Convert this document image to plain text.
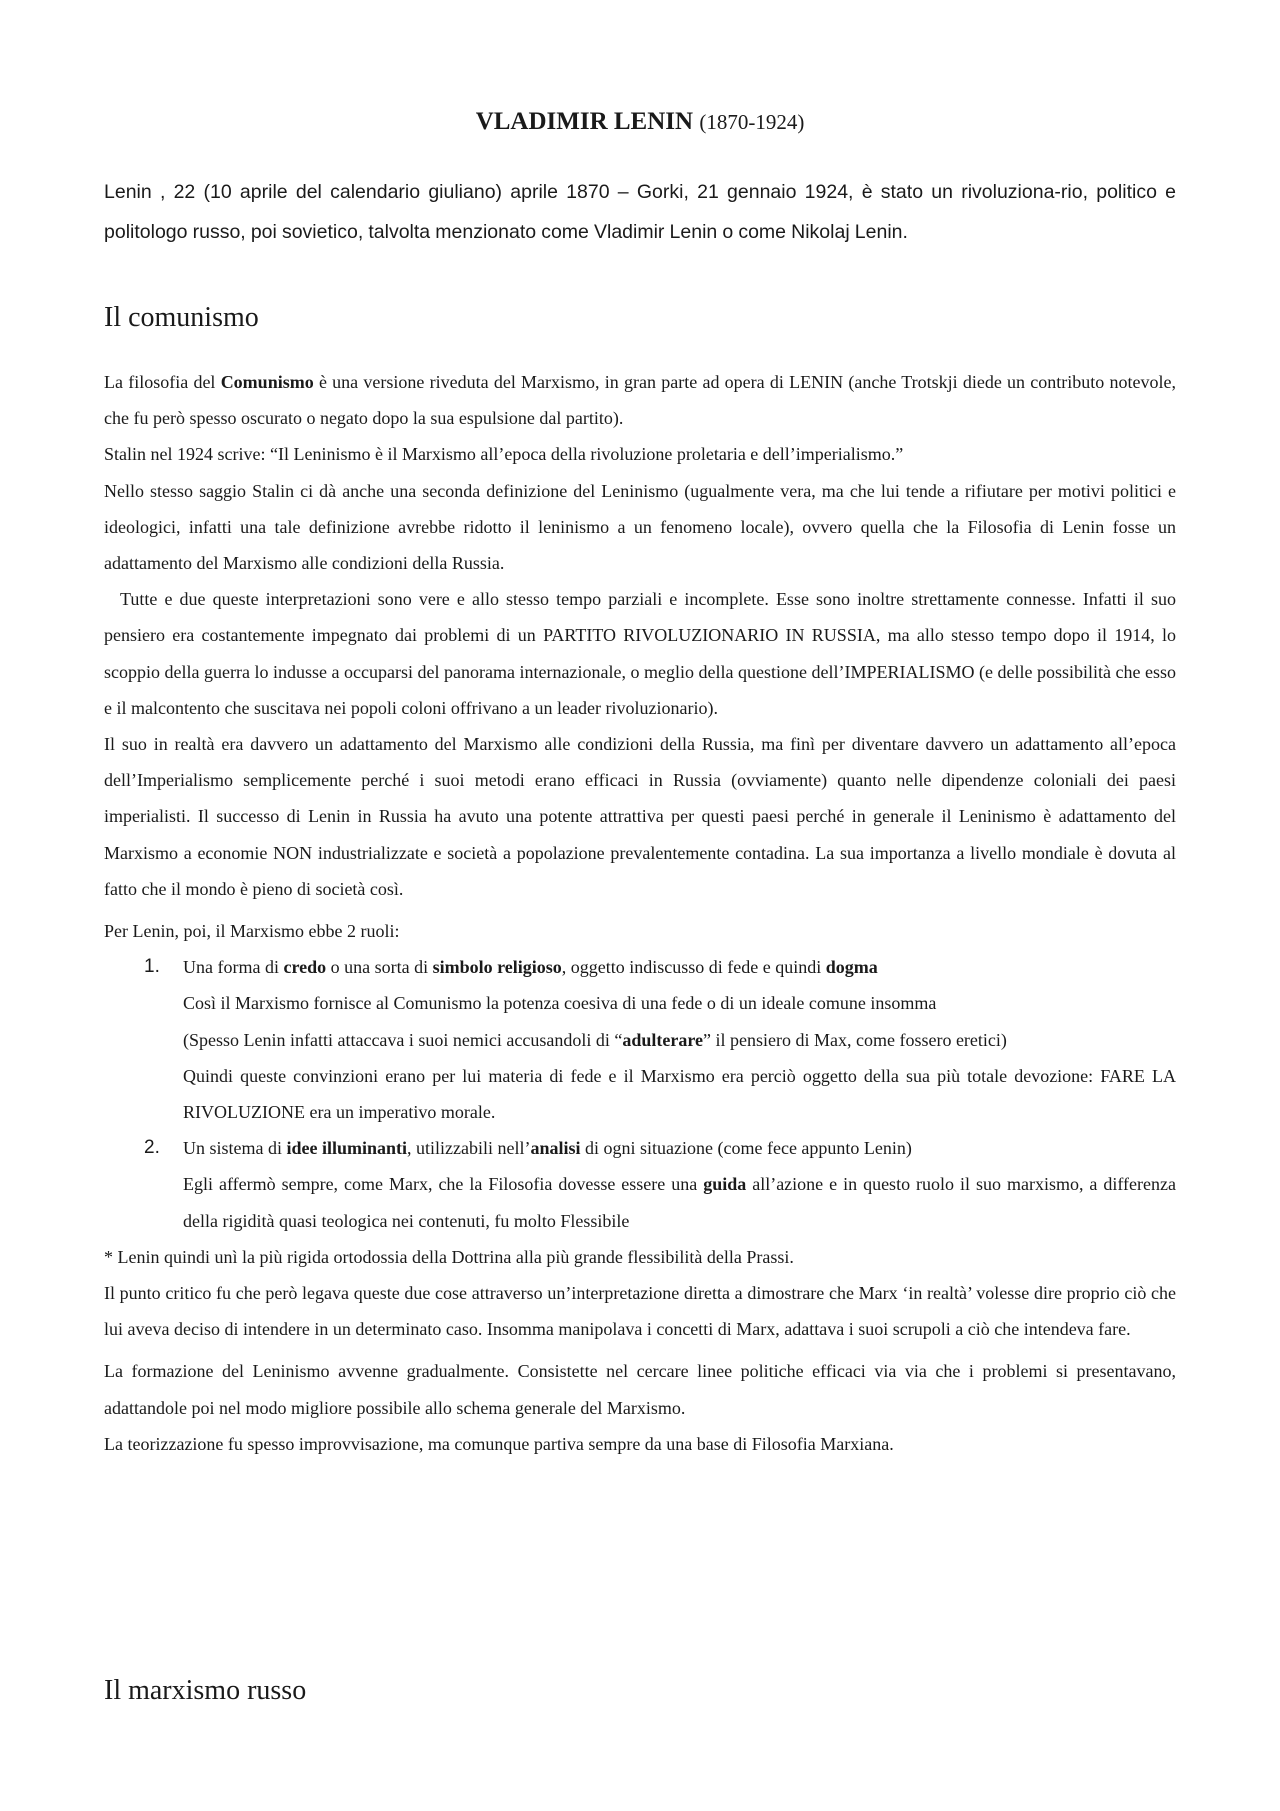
VLADIMIR LENIN (1870-1924)

Lenin , 22 (10 aprile del calendario giuliano) aprile 1870 – Gorki, 21 gennaio 1924, è stato un rivoluziona-rio, politico e politologo russo, poi sovietico, talvolta menzionato come Vladimir Lenin o come Nikolaj Lenin.

Il comunismo

La filosofia del Comunismo è una versione riveduta del Marxismo, in gran parte ad opera di LENIN (anche Trotskji diede un contributo notevole, che fu però spesso oscurato o negato dopo la sua espulsione dal partito).

Stalin nel 1924 scrive: “Il Leninismo è il Marxismo all’epoca della rivoluzione proletaria e dell’imperialismo.”

Nello stesso saggio Stalin ci dà anche una seconda definizione del Leninismo (ugualmente vera, ma che lui tende a rifiutare per motivi politici e ideologici, infatti una tale definizione avrebbe ridotto il leninismo a un fenomeno locale), ovvero quella che la Filosofia di Lenin fosse un adattamento del Marxismo alle condizioni della Russia.

Tutte e due queste interpretazioni sono vere e allo stesso tempo parziali e incomplete. Esse sono inoltre strettamente connesse. Infatti il suo pensiero era costantemente impegnato dai problemi di un PARTITO RIVOLUZIONARIO IN RUSSIA, ma allo stesso tempo dopo il 1914, lo scoppio della guerra lo indusse a occuparsi del panorama internazionale, o meglio della questione dell’IMPERIALISMO (e delle possibilità che esso e il malcontento che suscitava nei popoli coloni offrivano a un leader rivoluzionario).

Il suo in realtà era davvero un adattamento del Marxismo alle condizioni della Russia, ma finì per diventare davvero un adattamento all’epoca dell’Imperialismo semplicemente perché i suoi metodi erano efficaci in Russia (ovviamente) quanto nelle dipendenze coloniali dei paesi imperialisti. Il successo di Lenin in Russia ha avuto una potente attrattiva per questi paesi perché in generale il Leninismo è adattamento del Marxismo a economie NON industrializzate e società a popolazione prevalentemente contadina. La sua importanza a livello mondiale è dovuta al fatto che il mondo è pieno di società così.

Per Lenin, poi, il Marxismo ebbe 2 ruoli:

1. Una forma di credo o una sorta di simbolo religioso, oggetto indiscusso di fede e quindi dogma
Così il Marxismo fornisce al Comunismo la potenza coesiva di una fede o di un ideale comune insomma
(Spesso Lenin infatti attaccava i suoi nemici accusandoli di “adulterare” il pensiero di Max, come fossero eretici)
Quindi queste convinzioni erano per lui materia di fede e il Marxismo era perciò oggetto della sua più totale devozione: FARE LA RIVOLUZIONE era un imperativo morale.
2. Un sistema di idee illuminanti, utilizzabili nell’analisi di ogni situazione (come fece appunto Lenin)
Egli affermò sempre, come Marx, che la Filosofia dovesse essere una guida all’azione e in questo ruolo il suo marxismo, a differenza della rigidità quasi teologica nei contenuti, fu molto Flessibile

* Lenin quindi unì la più rigida ortodossia della Dottrina alla più grande flessibilità della Prassi.

Il punto critico fu che però legava queste due cose attraverso un’interpretazione diretta a dimostrare che Marx ‘in realtà’ volesse dire proprio ciò che lui aveva deciso di intendere in un determinato caso. Insomma manipolava i concetti di Marx, adattava i suoi scrupoli a ciò che intendeva fare.

La formazione del Leninismo avvenne gradualmente. Consistette nel cercare linee politiche efficaci via via che i problemi si presentavano, adattandole poi nel modo migliore possibile allo schema generale del Marxismo.

La teorizzazione fu spesso improvvisazione, ma comunque partiva sempre da una base di Filosofia Marxiana.

Il marxismo russo
